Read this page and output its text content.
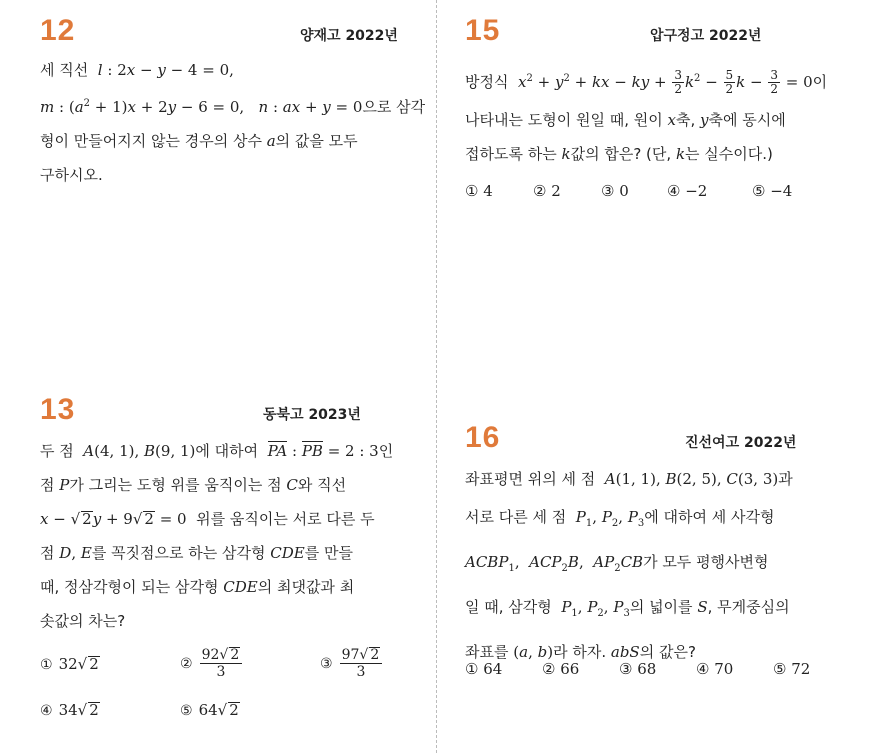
12	양재고 2022년
세 직선 l : 2x − y − 4 = 0,
m : $(a^2 + 1)x + 2y - 6 = 0$, n : ax + y = 0으로 삼각
형이 만들어지지 않는 경우의 상수 a의 값을 모두
구하시오.
15	압구정고 2022년
방정식 $x^2 + y^2$ + kx − ky + $\frac{3}{2} k^2 - \frac{5}{2}$ $k - \frac{3}{2} = 0$이
나타내는 도형이 원일 때, 원이 x축, y축에 동시에
접하도록 하는 k값의 합은? (단, k는 실수이다.)
① 4	② 2	③ 0	④ −2	⑤ −4
13	동북고 2023년
두 점 A(4, 1), B(9, 1)에 대하여 PA : PB = 2 : 3인
점 P가 그리는 도형 위를 움직이는 점 C와 직선
x − √ 2y + 9√ 2 = 0 위를 움직이는 서로 다른 두
점 D, E를 꼭짓점으로 하는 삼각형 CDE를 만들
때, 정삼각형이 되는 삼각형 CDE의 최댓값과 최
솟값의 차는?
① 32√ 2	② $\frac{92√ 2}{3}$	③ $\frac{97√ 2}{3}$
④ 34√ 2	⑤ 64√ 2
16	진선여고 2022년
좌표평면 위의 세 점 A(1, 1), B(2, 5), C(3, 3)과
서로 다른 세 점 $P_1$, $P_2$, $P_3$에 대하여 세 사각형
$ACBP_1$,  $ACP_2B$,  $AP_2CB$가 모두 평행사변형
일 때, 삼각형 $P_1$, $P_2$, $P_3$의 넓이를 S, 무게중심의
좌표를 (a, b)라 하자. abS의 값은?
① 64	② 66	③ 68	④ 70	⑤ 72
